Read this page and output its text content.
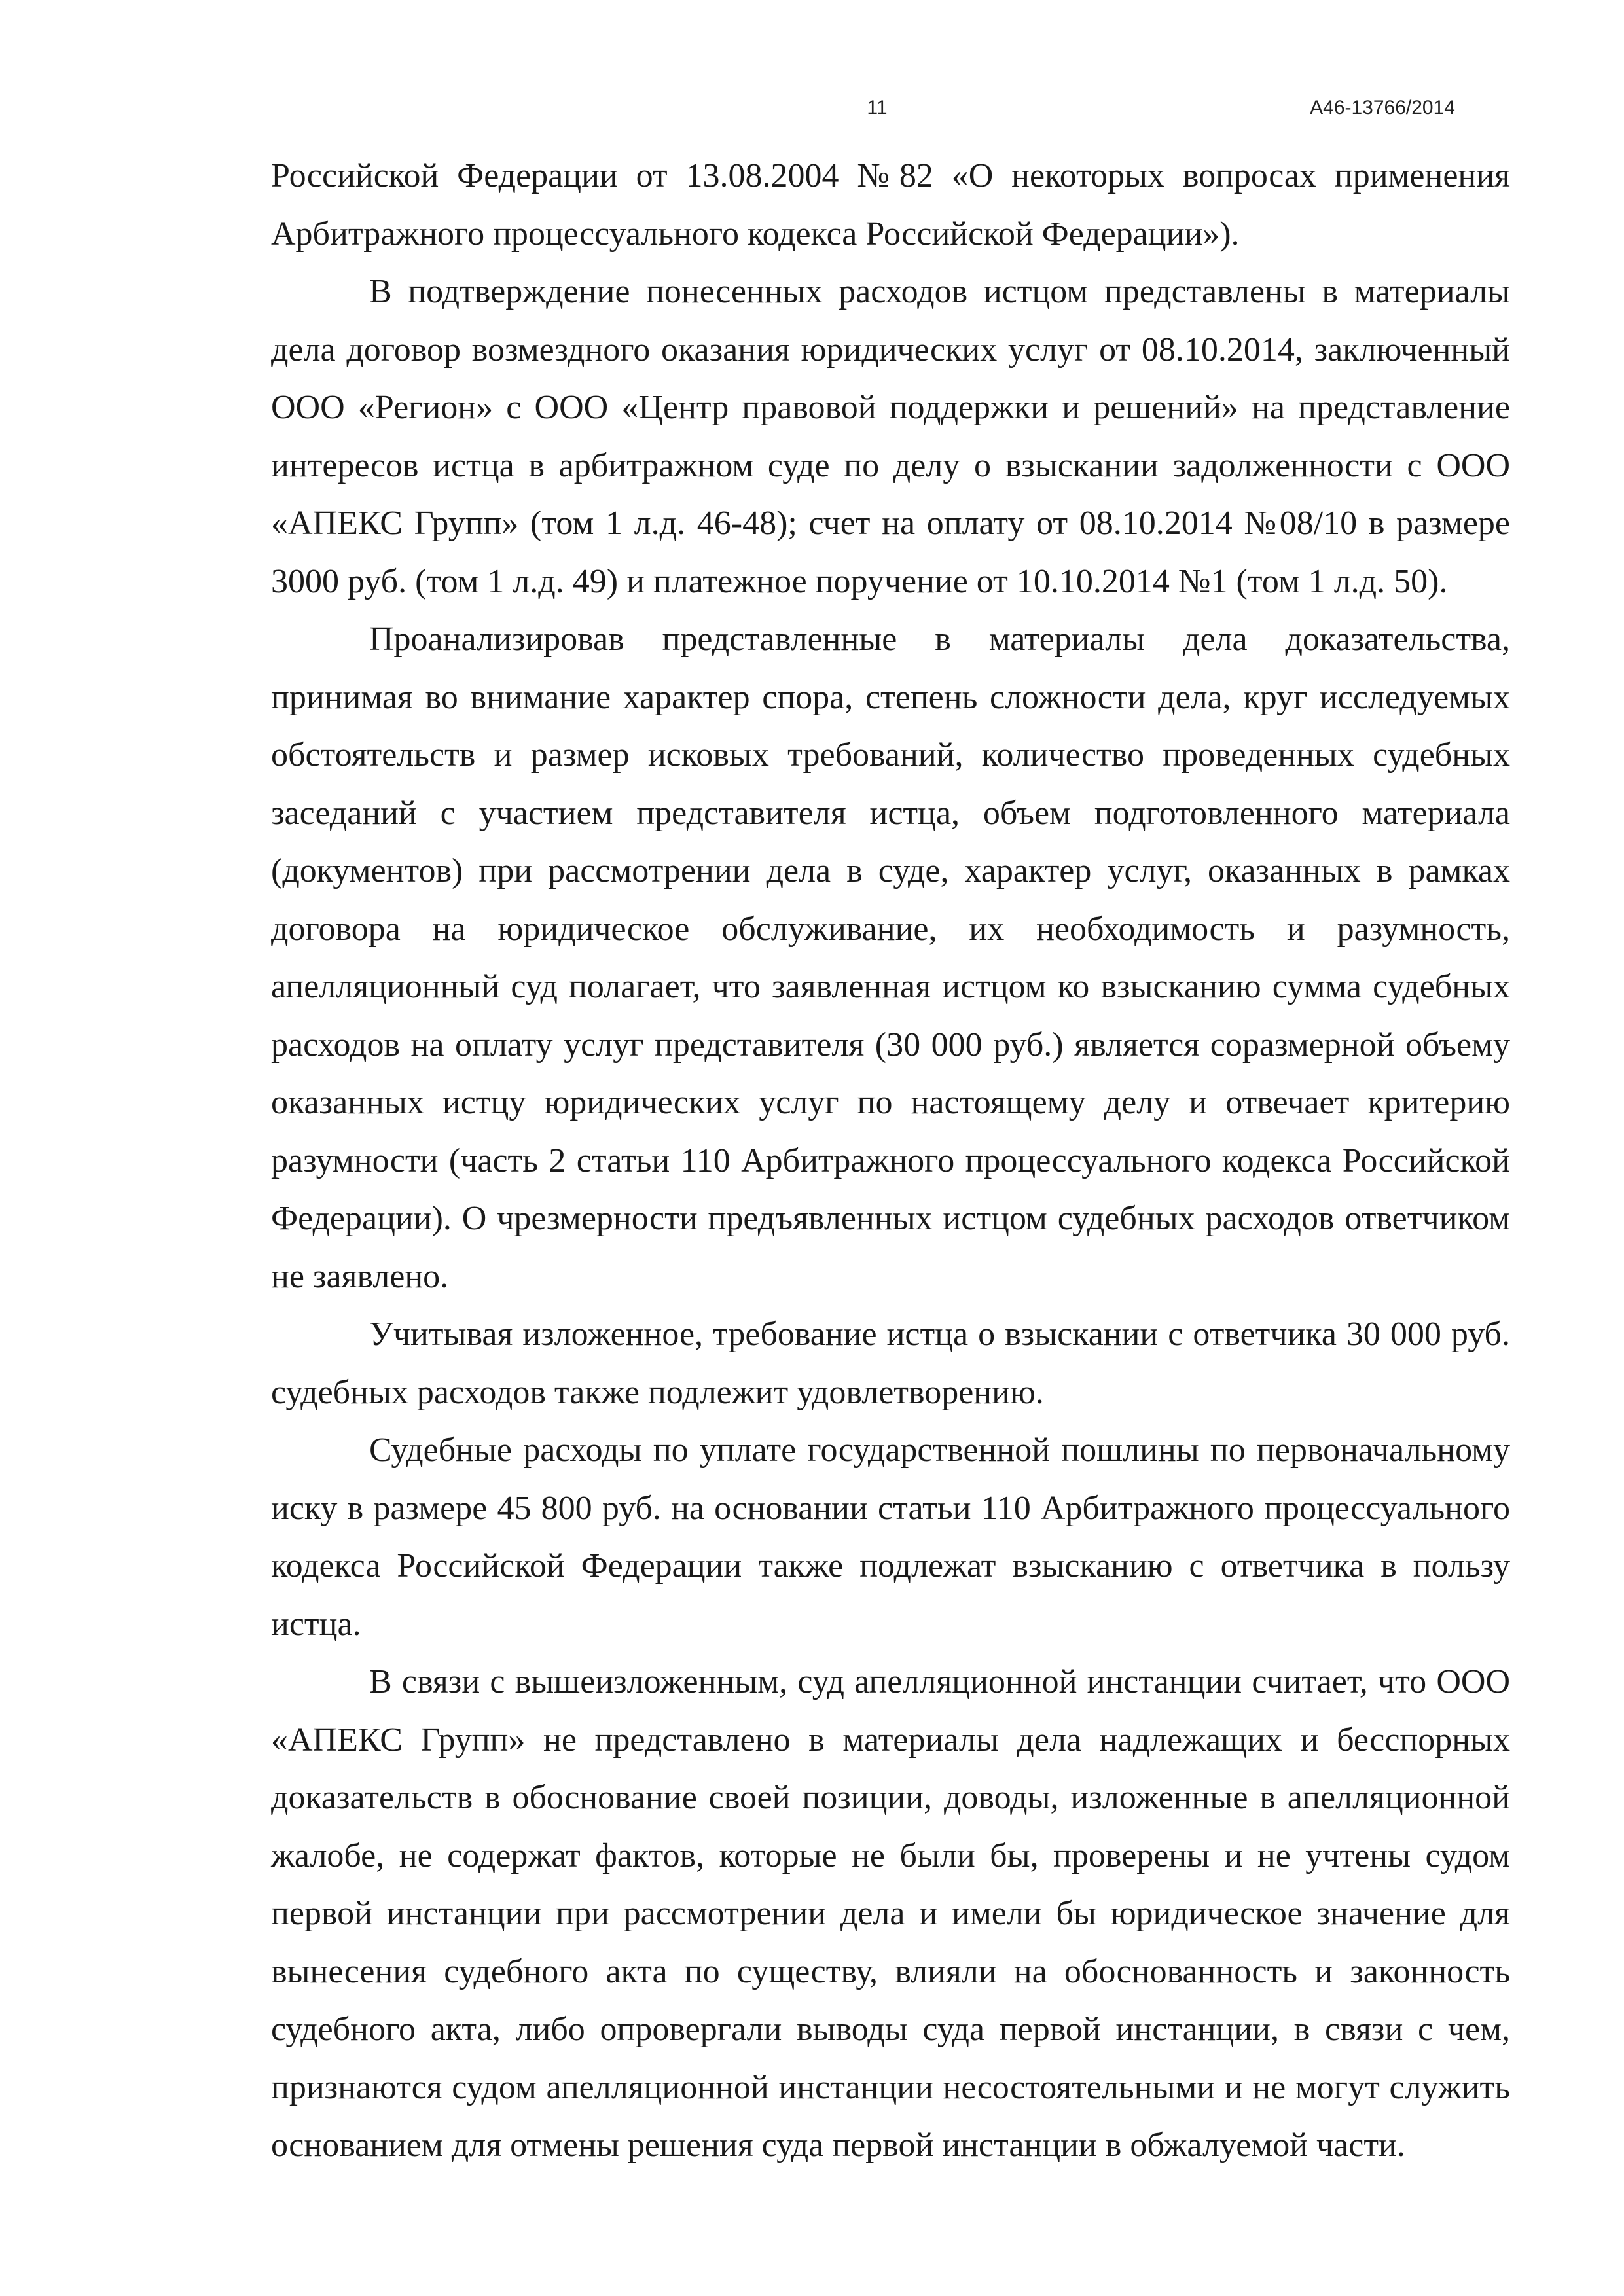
11	А46-13766/2014

Российской Федерации от 13.08.2004 №82 «О некоторых вопросах применения Арбитражного процессуального кодекса Российской Федерации»).

В подтверждение понесенных расходов истцом представлены в материалы дела договор возмездного оказания юридических услуг от 08.10.2014, заключенный ООО «Регион» с ООО «Центр правовой поддержки и решений» на представление интересов истца в арбитражном суде по делу о взыскании задолженности с ООО «АПЕКС Групп» (том 1 л.д. 46-48); счет на оплату от 08.10.2014 №08/10 в размере 3000 руб. (том 1 л.д. 49) и платежное поручение от 10.10.2014 №1 (том 1 л.д. 50).

Проанализировав представленные в материалы дела доказательства, принимая во внимание характер спора, степень сложности дела, круг исследуемых обстоятельств и размер исковых требований, количество проведенных судебных заседаний с участием представителя истца, объем подготовленного материала (документов) при рассмотрении дела в суде, характер услуг, оказанных в рамках договора на юридическое обслуживание, их необходимость и разумность, апелляционный суд полагает, что заявленная истцом ко взысканию сумма судебных расходов на оплату услуг представителя (30 000 руб.) является соразмерной объему оказанных истцу юридических услуг по настоящему делу и отвечает критерию разумности (часть 2 статьи 110 Арбитражного процессуального кодекса Российской Федерации). О чрезмерности предъявленных истцом судебных расходов ответчиком не заявлено.

Учитывая изложенное, требование истца о взыскании с ответчика 30 000 руб. судебных расходов также подлежит удовлетворению.

Судебные расходы по уплате государственной пошлины по первоначальному иску в размере 45 800 руб. на основании статьи 110 Арбитражного процессуального кодекса Российской Федерации также подлежат взысканию с ответчика в пользу истца.

В связи с вышеизложенным, суд апелляционной инстанции считает, что ООО «АПЕКС Групп» не представлено в материалы дела надлежащих и бесспорных доказательств в обоснование своей позиции, доводы, изложенные в апелляционной жалобе, не содержат фактов, которые не были бы, проверены и не учтены судом первой инстанции при рассмотрении дела и имели бы юридическое значение для вынесения судебного акта по существу, влияли на обоснованность и законность судебного акта, либо опровергали выводы суда первой инстанции, в связи с чем, признаются судом апелляционной инстанции несостоятельными и не могут служить основанием для отмены решения суда первой инстанции в обжалуемой части.
